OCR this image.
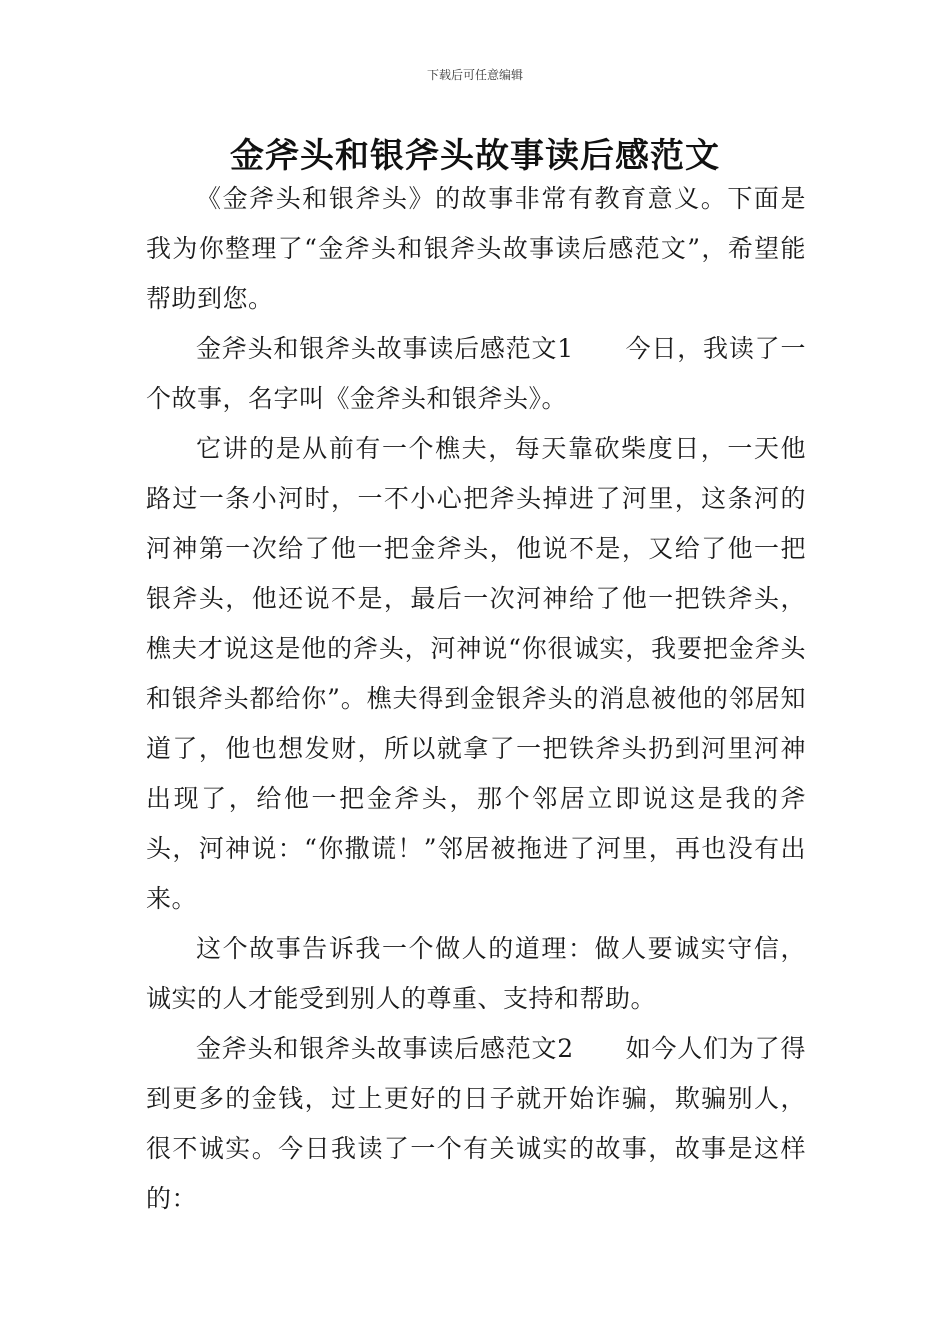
下载后可任意编辑
金斧头和银斧头故事读后感范文

《金斧头和银斧头》的故事非常有教育意义。下面是我为你整理了“金斧头和银斧头故事读后感范文”，希望能帮助到您。

金斧头和银斧头故事读后感范文1　　今日，我读了一个故事，名字叫《金斧头和银斧头》。

它讲的是从前有一个樵夫，每天靠砍柴度日，一天他路过一条小河时，一不小心把斧头掉进了河里，这条河的河神第一次给了他一把金斧头，他说不是，又给了他一把银斧头，他还说不是，最后一次河神给了他一把铁斧头，樵夫才说这是他的斧头，河神说“你很诚实，我要把金斧头和银斧头都给你”。樵夫得到金银斧头的消息被他的邻居知道了，他也想发财，所以就拿了一把铁斧头扔到河里河神出现了，给他一把金斧头，那个邻居立即说这是我的斧头，河神说：“你撒谎！”邻居被拖进了河里，再也没有出来。

这个故事告诉我一个做人的道理：做人要诚实守信，诚实的人才能受到别人的尊重、支持和帮助。

金斧头和银斧头故事读后感范文2　　如今人们为了得到更多的金钱，过上更好的日子就开始诈骗，欺骗别人，很不诚实。今日我读了一个有关诚实的故事，故事是这样的：
